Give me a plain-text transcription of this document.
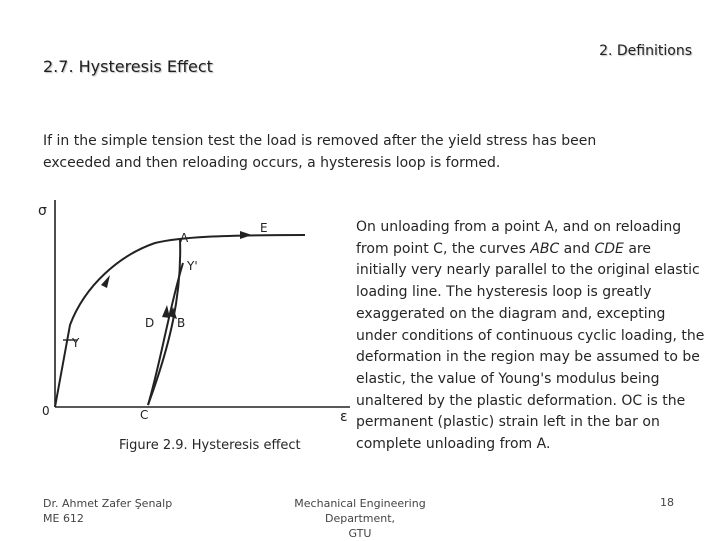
2.7. Hysteresis Effect
2. Definitions
If in the simple tension test the load is removed after the yield stress has been exceeded and then reloading occurs, a hysteresis loop is formed.
σ
ε
0
A
E
Y'
D B
Y
C
Figure 2.9. Hysteresis effect
On unloading from a point A, and on reloading from point C, the curves ABC and CDE are initially very nearly parallel to the original elastic loading line. The hysteresis loop is greatly exaggerated on the diagram and, excepting under conditions of continuous cyclic loading, the deformation in the region may be assumed to be elastic, the value of Young's modulus being unaltered by the plastic deformation. OC is the permanent (plastic) strain left in the bar on complete unloading from A.
Dr. Ahmet Zafer Şenalp
ME 612
Mechanical Engineering Department,
GTU
18
